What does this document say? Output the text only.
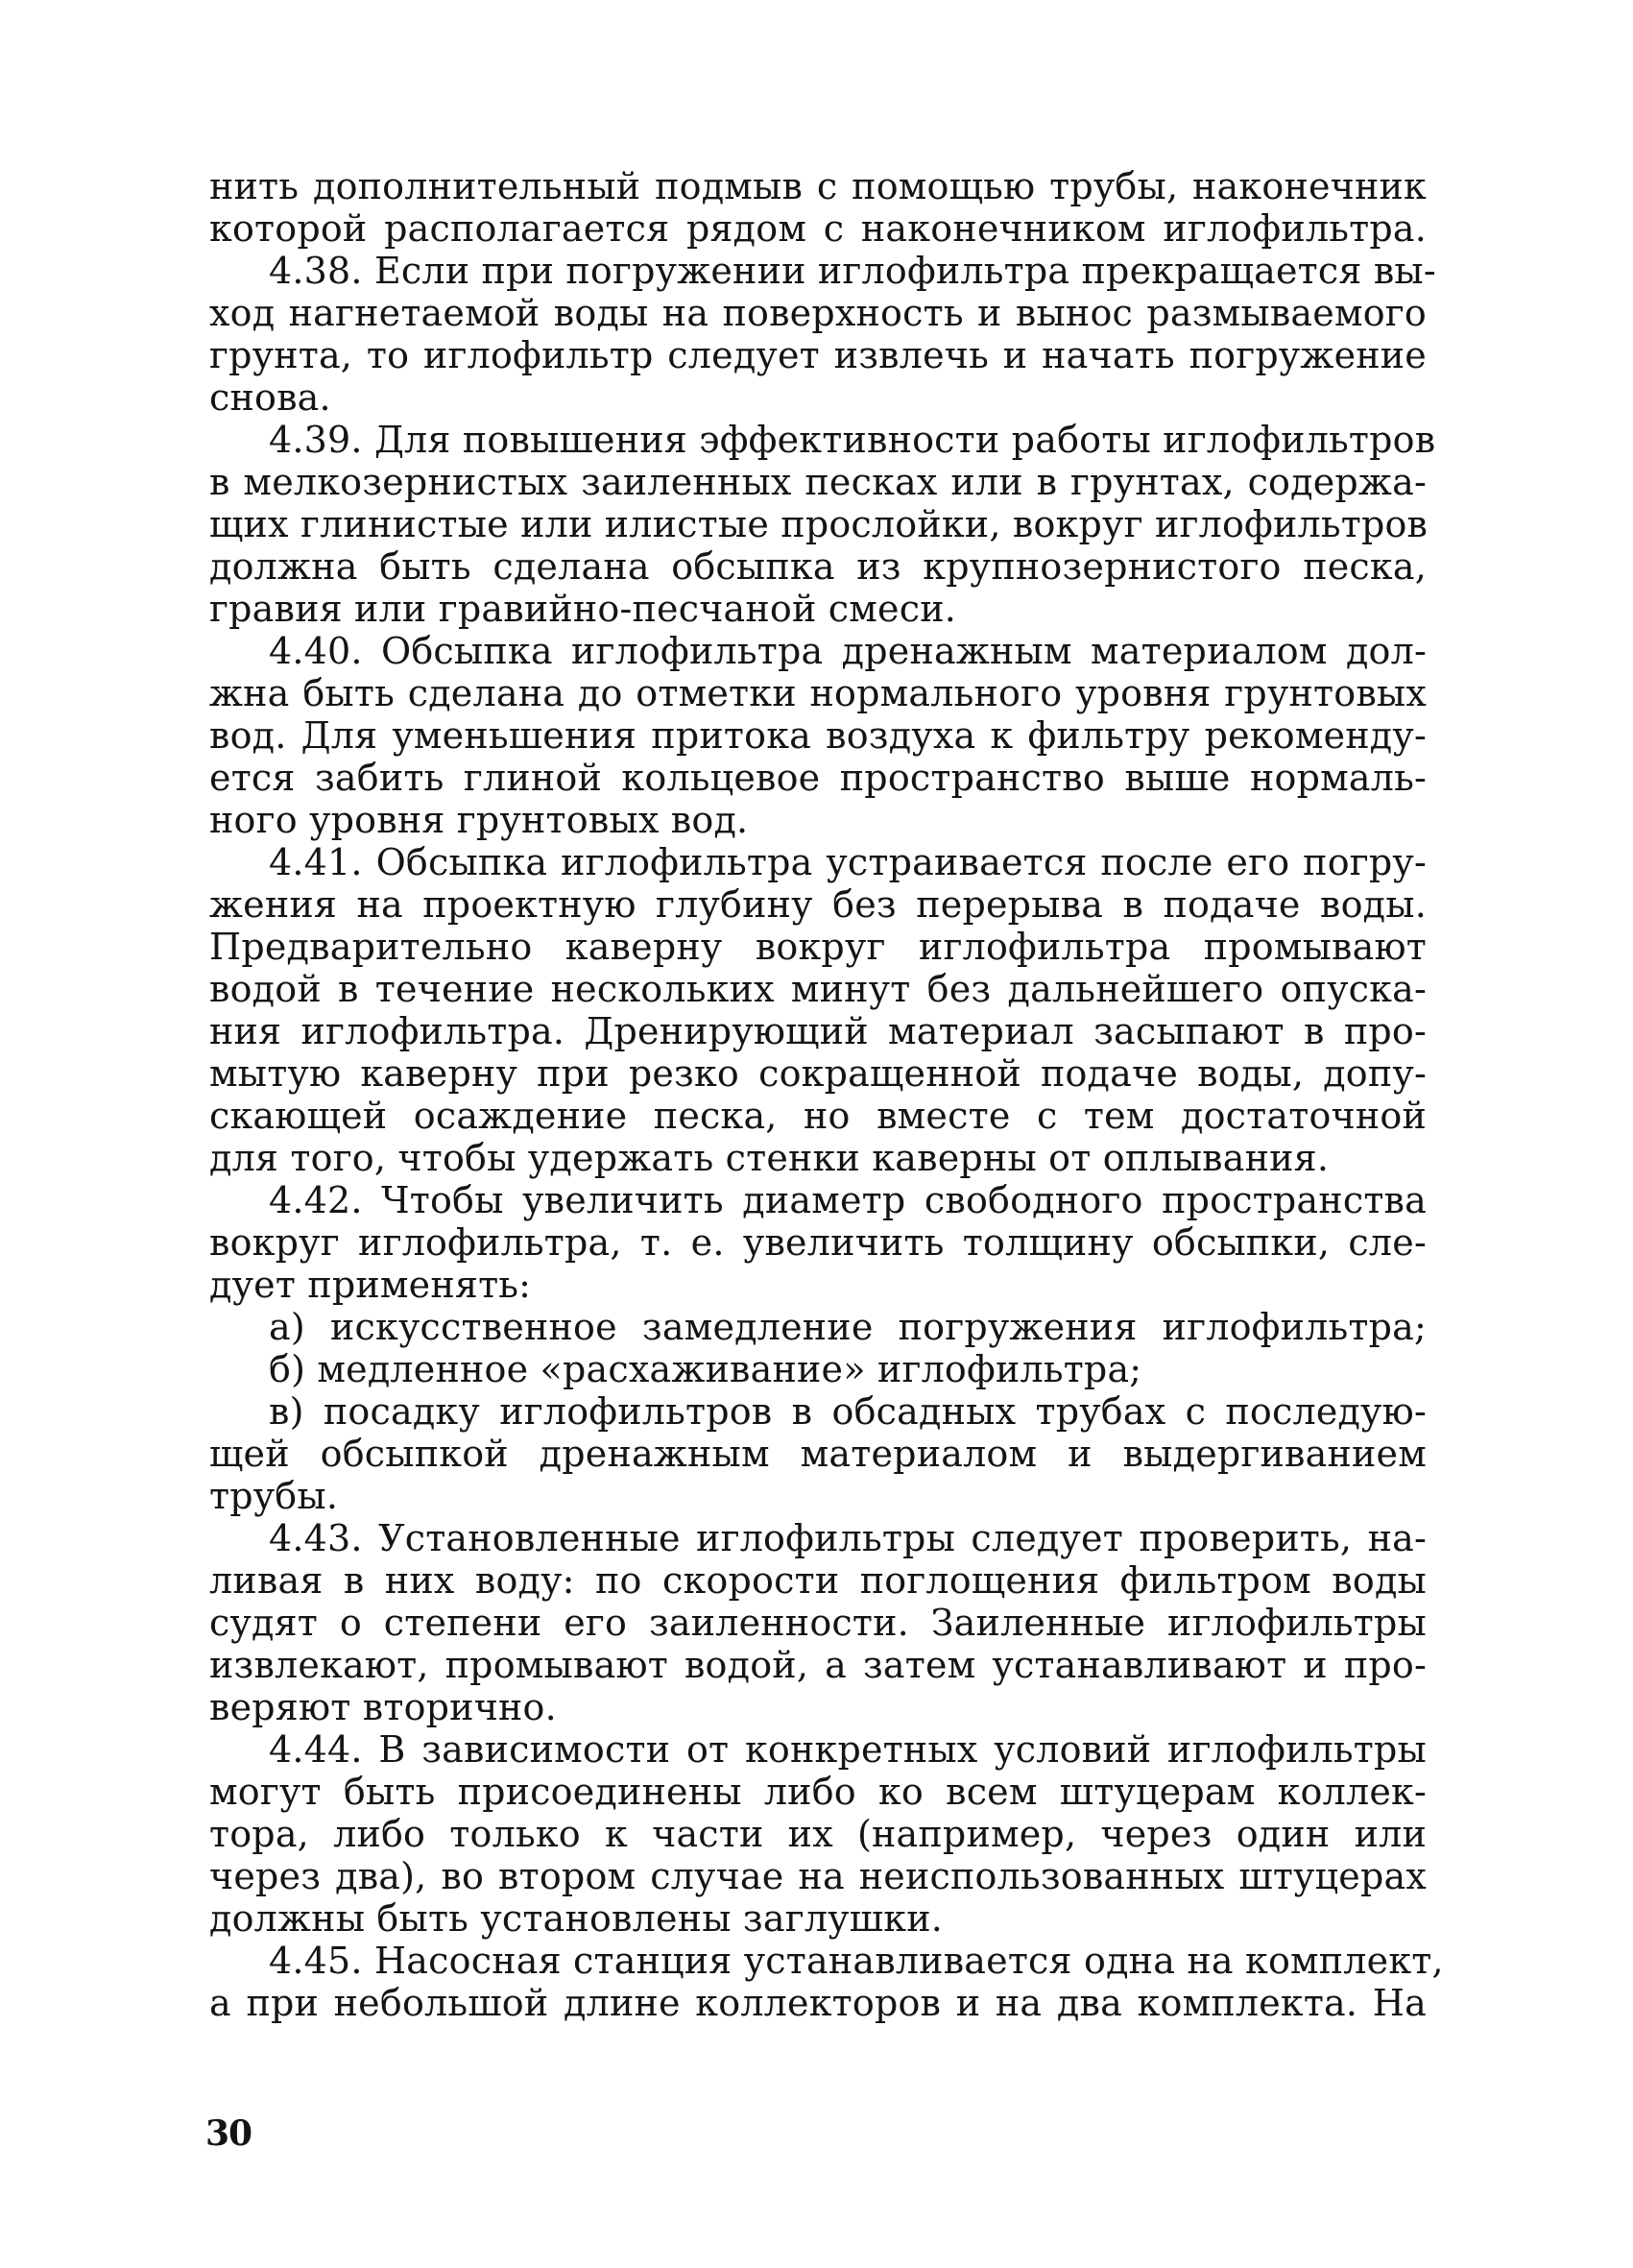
нить дополнительный подмыв с помощью трубы, наконечник
которой располагается рядом с наконечником иглофильтра.
4.38. Если при погружении иглофильтра прекращается вы-
ход нагнетаемой воды на поверхность и вынос размываемого
грунта, то иглофильтр следует извлечь и начать погружение
снова.
4.39. Для повышения эффективности работы иглофильтров
в мелкозернистых заиленных песках или в грунтах, содержа-
щих глинистые или илистые прослойки, вокруг иглофильтров
должна быть сделана обсыпка из крупнозернистого песка,
гравия или гравийно-песчаной смеси.
4.40. Обсыпка иглофильтра дренажным материалом дол-
жна быть сделана до отметки нормального уровня грунтовых
вод. Для уменьшения притока воздуха к фильтру рекоменду-
ется забить глиной кольцевое пространство выше нормаль-
ного уровня грунтовых вод.
4.41. Обсыпка иглофильтра устраивается после его погру-
жения на проектную глубину без перерыва в подаче воды.
Предварительно каверну вокруг иглофильтра промывают
водой в течение нескольких минут без дальнейшего опуска-
ния иглофильтра. Дренирующий материал засыпают в про-
мытую каверну при резко сокращенной подаче воды, допу-
скающей осаждение песка, но вместе с тем достаточной
для того, чтобы удержать стенки каверны от оплывания.
4.42. Чтобы увеличить диаметр свободного пространства
вокруг иглофильтра, т. е. увеличить толщину обсыпки, сле-
дует применять:
а) искусственное замедление погружения иглофильтра;
б) медленное «расхаживание» иглофильтра;
в) посадку иглофильтров в обсадных трубах с последую-
щей обсыпкой дренажным материалом и выдергиванием
трубы.
4.43. Установленные иглофильтры следует проверить, на-
ливая в них воду: по скорости поглощения фильтром воды
судят о степени его заиленности. Заиленные иглофильтры
извлекают, промывают водой, а затем устанавливают и про-
веряют вторично.
4.44. В зависимости от конкретных условий иглофильтры
могут быть присоединены либо ко всем штуцерам коллек-
тора, либо только к части их (например, через один или
через два), во втором случае на неиспользованных штуцерах
должны быть установлены заглушки.
4.45. Насосная станция устанавливается одна на комплект,
а при небольшой длине коллекторов и на два комплекта. На
30
